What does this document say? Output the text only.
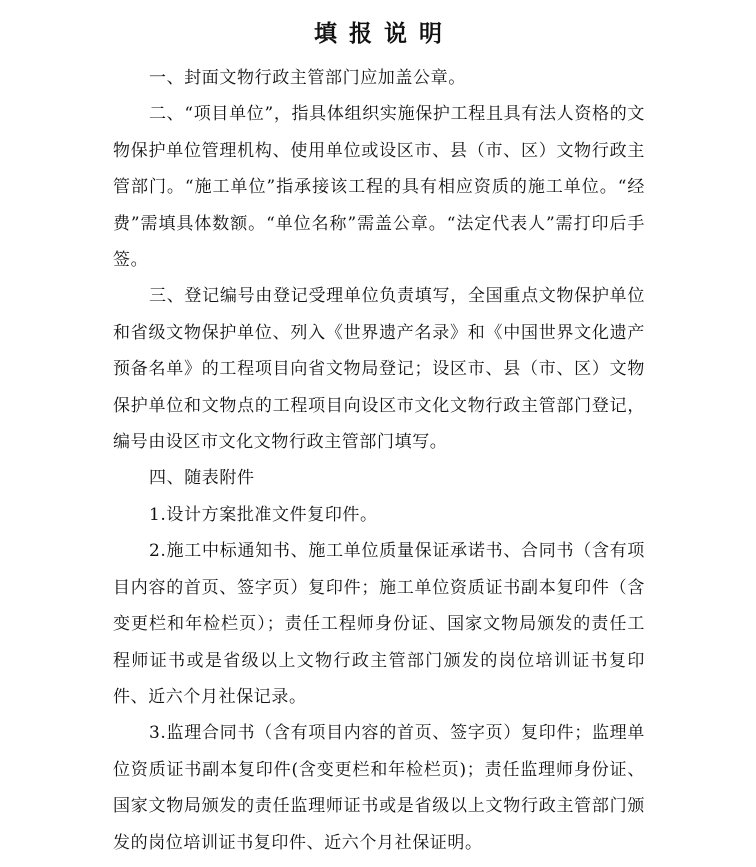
填报说明

一、封面文物行政主管部门应加盖公章。

二、“项目单位”，指具体组织实施保护工程且具有法人资格的文物保护单位管理机构、使用单位或设区市、县（市、区）文物行政主管部门。“施工单位”指承接该工程的具有相应资质的施工单位。“经费”需填具体数额。“单位名称”需盖公章。“法定代表人”需打印后手签。

三、登记编号由登记受理单位负责填写，全国重点文物保护单位和省级文物保护单位、列入《世界遗产名录》和《中国世界文化遗产预备名单》的工程项目向省文物局登记；设区市、县（市、区）文物保护单位和文物点的工程项目向设区市文化文物行政主管部门登记，编号由设区市文化文物行政主管部门填写。

四、随表附件

1.设计方案批准文件复印件。

2.施工中标通知书、施工单位质量保证承诺书、合同书（含有项目内容的首页、签字页）复印件；施工单位资质证书副本复印件（含变更栏和年检栏页）；责任工程师身份证、国家文物局颁发的责任工程师证书或是省级以上文物行政主管部门颁发的岗位培训证书复印件、近六个月社保记录。

3.监理合同书（含有项目内容的首页、签字页）复印件；监理单位资质证书副本复印件(含变更栏和年检栏页)；责任监理师身份证、国家文物局颁发的责任监理师证书或是省级以上文物行政主管部门颁发的岗位培训证书复印件、近六个月社保证明。
